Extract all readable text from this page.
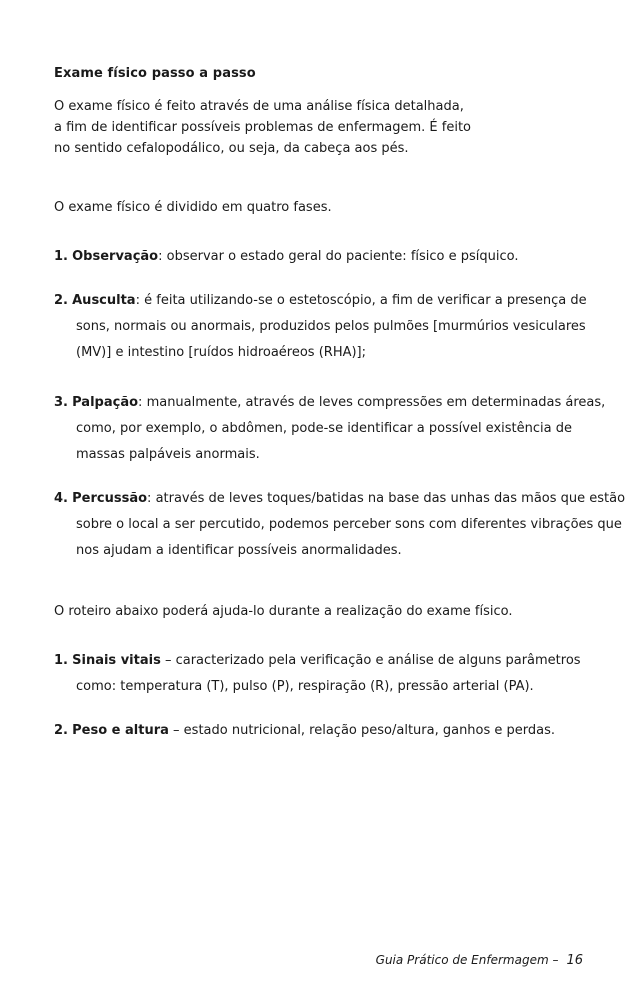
Exame físico passo a passo

O exame físico é feito através de uma análise física detalhada,
a fim de identificar possíveis problemas de enfermagem. É feito
no sentido cefalopodálico, ou seja, da cabeça aos pés.

O exame físico é dividido em quatro fases.

1. Observação: observar o estado geral do paciente: físico e psíquico.
2. Ausculta: é feita utilizando-se o estetoscópio, a fim de verificar a presença de
sons, normais ou anormais, produzidos pelos pulmões [murmúrios vesiculares
(MV)] e intestino [ruídos hidroaéreos (RHA)];
3. Palpação: manualmente, através de leves compressões em determinadas áreas,
como, por exemplo, o abdômen, pode-se identificar a possível existência de
massas palpáveis anormais.
4. Percussão: através de leves toques/batidas na base das unhas das mãos que estão
sobre o local a ser percutido, podemos perceber sons com diferentes vibrações que
nos ajudam a identificar possíveis anormalidades.

O roteiro abaixo poderá ajuda-lo durante a realização do exame físico.

1. Sinais vitais – caracterizado pela verificação e análise de alguns parâmetros
como: temperatura (T), pulso (P), respiração (R), pressão arterial (PA).
2. Peso e altura – estado nutricional, relação peso/altura, ganhos e perdas.
Guia Prático de Enfermagem – 16
